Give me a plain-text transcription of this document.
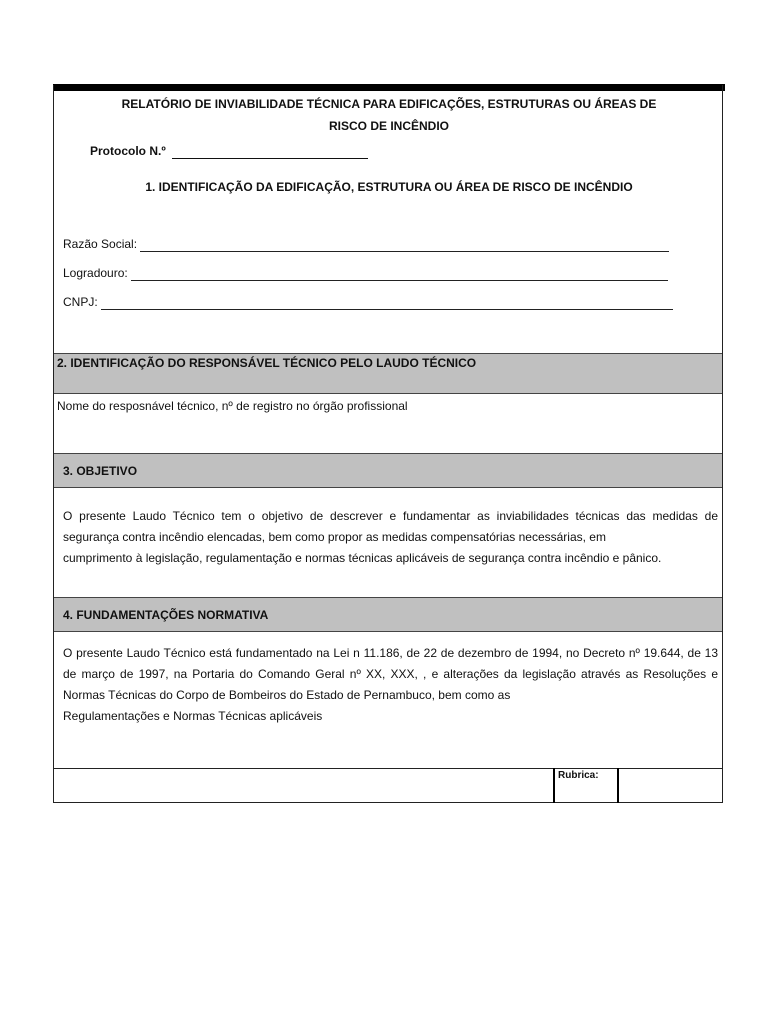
RELATÓRIO DE INVIABILIDADE TÉCNICA PARA EDIFICAÇÕES, ESTRUTURAS OU ÁREAS DE
RISCO DE INCÊNDIO
Protocolo N.º
1. IDENTIFICAÇÃO DA EDIFICAÇÃO, ESTRUTURA OU ÁREA DE RISCO DE INCÊNDIO
Razão Social:
Logradouro:
CNPJ:
2. IDENTIFICAÇÃO DO RESPONSÁVEL TÉCNICO PELO LAUDO TÉCNICO
Nome do resposnável técnico, nº de registro no órgão profissional
3. OBJETIVO
O presente Laudo Técnico tem o objetivo de descrever e fundamentar as inviabilidades técnicas das medidas de segurança contra incêndio elencadas, bem como propor as medidas compensatórias necessárias, em
cumprimento à legislação, regulamentação e normas técnicas aplicáveis de segurança contra incêndio e pânico.
4. FUNDAMENTAÇÕES NORMATIVA
O presente Laudo Técnico está fundamentado na Lei n 11.186, de 22 de dezembro de 1994, no Decreto nº 19.644, de 13 de março de 1997, na Portaria do Comando Geral nº XX, XXX, , e alterações da legislação através as Resoluções e Normas Técnicas do Corpo de Bombeiros do Estado de Pernambuco, bem como as
Regulamentações e Normas Técnicas aplicáveis
Rubrica:
